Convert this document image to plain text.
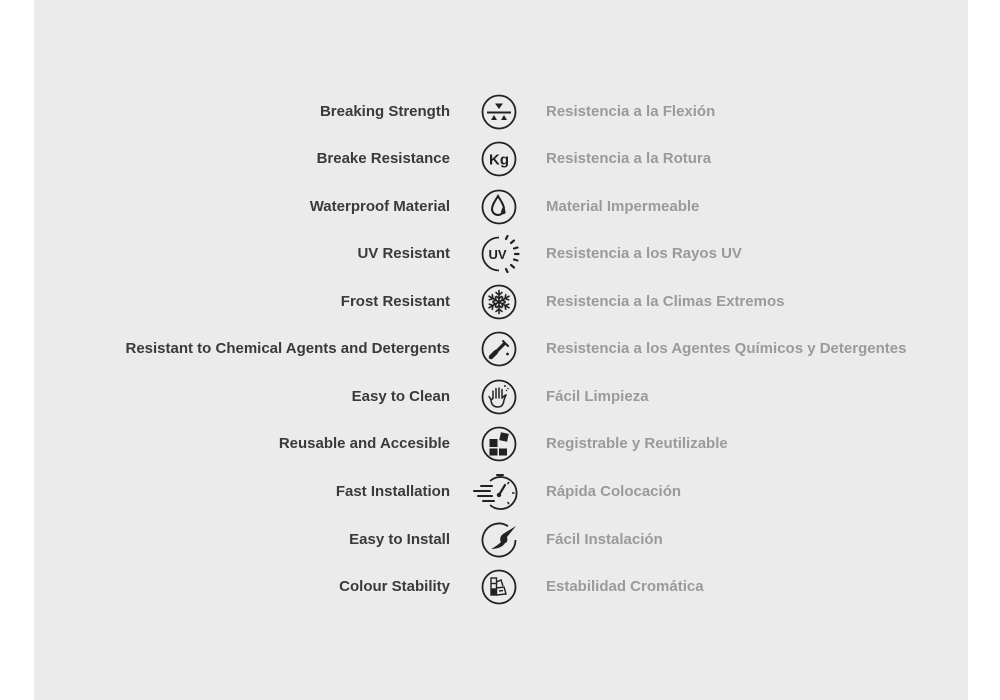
Breaking Strength	Resistencia a la Flexión
Breake Resistance	Kg Resistencia a la Rotura
Waterproof Material	Material Impermeable
UV Resistant	UV	Resistencia a los Rayos UV
Frost Resistant	Resistencia a la Climas Extremos
Resistant to Chemical Agents and Detergents	Resistencia a los Agentes Químicos y Detergentes
Easy to Clean	Fácil Limpieza
Reusable and Accesible	Registrable y Reutilizable
Fast Installation	Rápida Colocación
Easy to Install	Fácil Instalación
Colour Stability	Estabilidad Cromática
